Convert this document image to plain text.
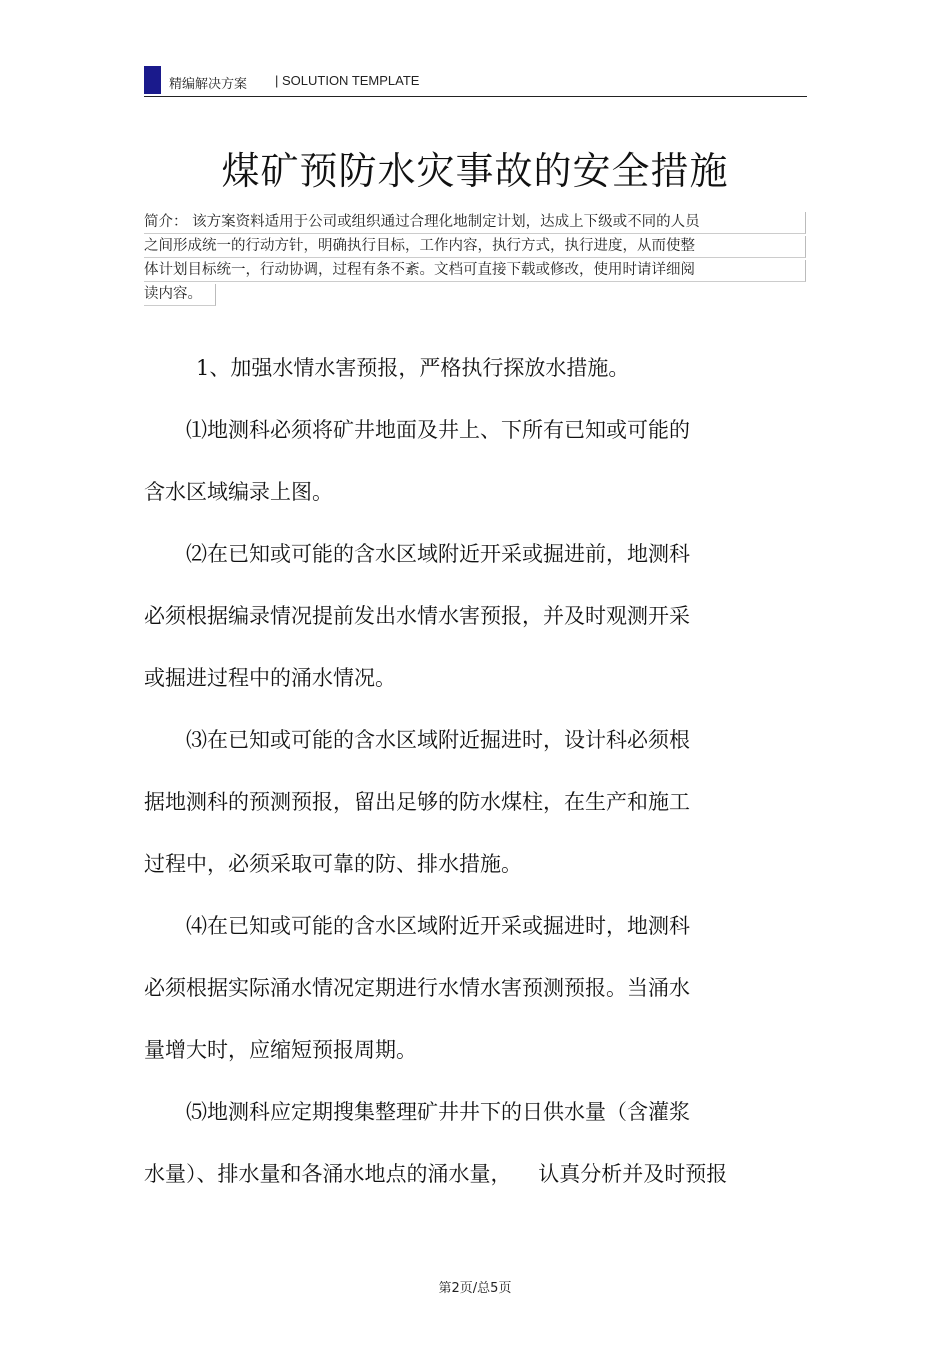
精编解决方案 | SOLUTION TEMPLATE
煤矿预防水灾事故的安全措施
简介： 该方案资料适用于公司或组织通过合理化地制定计划，达成上下级或不同的人员
之间形成统一的行动方针，明确执行目标，工作内容，执行方式，执行进度，从而使整
体计划目标统一，行动协调，过程有条不紊。文档可直接下载或修改，使用时请详细阅
读内容。
1、加强水情水害预报，严格执行探放水措施。
⑴地测科必须将矿井地面及井上、下所有已知或可能的
含水区域编录上图。
⑵在已知或可能的含水区域附近开采或掘进前，地测科
必须根据编录情况提前发出水情水害预报，并及时观测开采
或掘进过程中的涌水情况。
⑶在已知或可能的含水区域附近掘进时，设计科必须根
据地测科的预测预报，留出足够的防水煤柱，在生产和施工
过程中，必须采取可靠的防、排水措施。
⑷在已知或可能的含水区域附近开采或掘进时，地测科
必须根据实际涌水情况定期进行水情水害预测预报。当涌水
量增大时，应缩短预报周期。
⑸地测科应定期搜集整理矿井井下的日供水量（含灌浆
水量）、排水量和各涌水地点的涌水量，    认真分析并及时预报
第2页/总5页
